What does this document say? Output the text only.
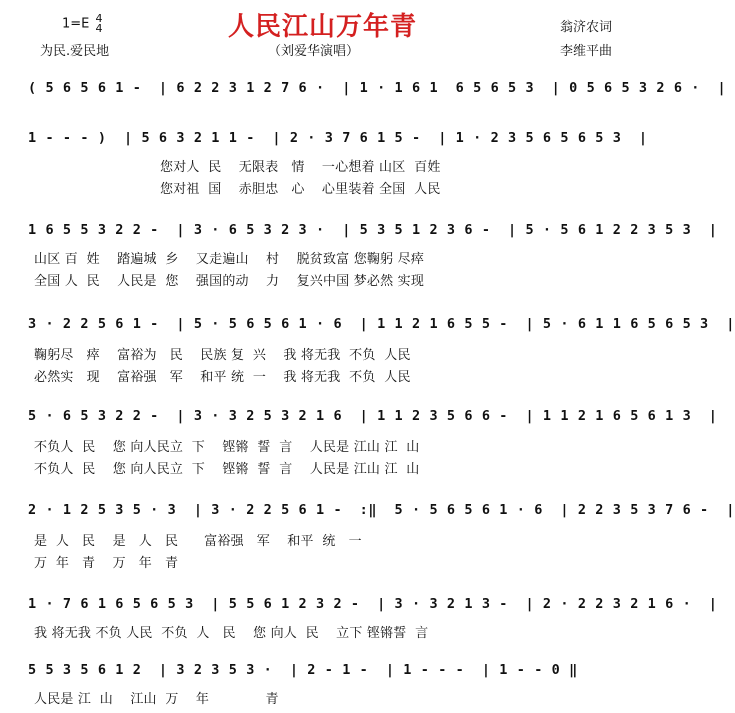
人民江山万年青
1=E 4
4
为民.爱民地	（刘爱华演唱）
翁济农词
李维平曲
( 5 6 5 6 1 -  | 6 2 2 3 1 2 7 6 ·  | 1 · 1 6 1  6 5 6 5 3  | 0 5 6 5 3 2 6 ·  |
1 - - - )  | 5 6 3 2 1 1 -  | 2 · 3 7 6 1 5 -  | 1 · 2 3 5 6 5 6 5 3  |
您对人  民    无限表   情    一心想着 山区  百姓
您对祖  国    赤胆忠   心    心里装着 全国  人民
1 6 5 5 3 2 2 -  | 3 · 6 5 3 2 3 ·  | 5 3 5 1 2 3 6 -  | 5 · 5 6 1 2 2 3 5 3  |
山区 百  姓    踏遍城  乡    又走遍山    村    脱贫致富 您鞠躬 尽瘁
全国 人  民    人民是  您    强国的动    力    复兴中国 梦必然 实现
3 · 2 2 5 6 1 -  | 5 · 5 6 5 6 1 · 6  | 1 1 2 1 6 5 5 -  | 5 · 6 1 1 6 5 6 5 3  |
鞠躬尽   瘁    富裕为   民    民族 复  兴    我 将无我  不负  人民
必然实   现    富裕强   军    和平 统  一    我 将无我  不负  人民
5 · 6 5 3 2 2 -  | 3 · 3 2 5 3 2 1 6  | 1 1 2 3 5 6 6 -  | 1 1 2 1 6 5 6 1 3  |
不负人  民    您 向人民立  下    铿锵  誓  言    人民是 江山 江  山
不负人  民    您 向人民立  下    铿锵  誓  言    人民是 江山 江  山
2 · 1 2 5 3 5 · 3  | 3 · 2 2 5 6 1 -  :‖  5 · 5 6 5 6 1 · 6  | 2 2 3 5 3 7 6 -  |
是  人   民    是   人   民      富裕强   军    和平  统   一
万  年   青    万   年   青
1 · 7 6 1 6 5 6 5 3  | 5 5 6 1 2 3 2 -  | 3 · 3 2 1 3 -  | 2 · 2 2 3 2 1 6 ·  |
我 将无我 不负 人民  不负  人   民    您 向人  民    立下 铿锵誓  言
5 5 3 5 6 1 2  | 3 2 3 5 3 ·  | 2 - 1 -  | 1 - - -  | 1 - - 0 ‖
人民是 江  山    江山  万    年             青
